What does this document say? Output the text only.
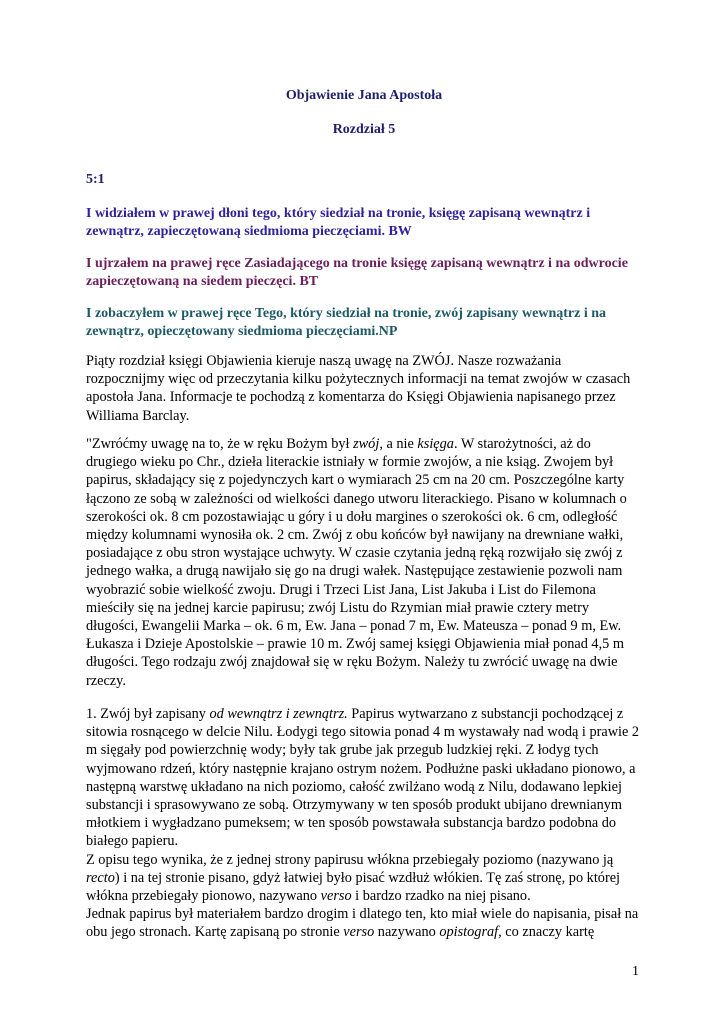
Objawienie Jana Apostoła
Rozdział 5
5:1
I widziałem w prawej dłoni tego, który siedział na tronie, księgę zapisaną wewnątrz i zewnątrz, zapieczętowaną siedmioma pieczęciami. BW
I ujrzałem na prawej ręce Zasiadającego na tronie księgę zapisaną wewnątrz i na odwrocie zapieczętowaną na siedem pieczęci. BT
I zobaczyłem w prawej ręce Tego, który siedział na tronie, zwój zapisany wewnątrz i na zewnątrz, opieczętowany siedmioma pieczęciami.NP

Piąty rozdział księgi Objawienia kieruje naszą uwagę na ZWÓJ. Nasze rozważania rozpocznijmy więc od przeczytania kilku pożytecznych informacji na temat zwojów w czasach apostoła Jana. Informacje te pochodzą z komentarza do Księgi Objawienia napisanego przez Williama Barclay.

"Zwróćmy uwagę na to, że w ręku Bożym był zwój, a nie księga. W starożytności, aż do drugiego wieku po Chr., dzieła literackie istniały w formie zwojów, a nie ksiąg. Zwojem był papirus, składający się z pojedynczych kart o wymiarach 25 cm na 20 cm. Poszczególne karty łączono ze sobą w zależności od wielkości danego utworu literackiego. Pisano w kolumnach o szerokości ok. 8 cm pozostawiając u góry i u dołu margines o szerokości ok. 6 cm, odległość między kolumnami wynosiła ok. 2 cm. Zwój z obu końców był nawijany na drewniane wałki, posiadające z obu stron wystające uchwyty. W czasie czytania jedną ręką rozwijało się zwój z jednego wałka, a drugą nawijało się go na drugi wałek. Następujące zestawienie pozwoli nam wyobrazić sobie wielkość zwoju. Drugi i Trzeci List Jana, List Jakuba i List do Filemona mieściły się na jednej karcie papirusu; zwój Listu do Rzymian miał prawie cztery metry długości, Ewangelii Marka – ok. 6 m, Ew. Jana – ponad 7 m, Ew. Mateusza – ponad 9 m, Ew. Łukasza i Dzieje Apostolskie – prawie 10 m. Zwój samej księgi Objawienia miał ponad 4,5 m długości. Tego rodzaju zwój znajdował się w ręku Bożym. Należy tu zwrócić uwagę na dwie rzeczy.

1. Zwój był zapisany od wewnątrz i zewnątrz. Papirus wytwarzano z substancji pochodzącej z sitowia rosnącego w delcie Nilu. Łodygi tego sitowia ponad 4 m wystawały nad wodą i prawie 2 m sięgały pod powierzchnię wody; były tak grube jak przegub ludzkiej ręki. Z łodyg tych wyjmowano rdzeń, który następnie krajano ostrym nożem. Podłużne paski układano pionowo, a następną warstwę układano na nich poziomo, całość zwilżano wodą z Nilu, dodawano lepkiej substancji i sprasowywano ze sobą. Otrzymywany w ten sposób produkt ubijano drewnianym młotkiem i wygładzano pumeksem; w ten sposób powstawała substancja bardzo podobna do białego papieru.

Z opisu tego wynika, że z jednej strony papirusu włókna przebiegały poziomo (nazywano ją recto) i na tej stronie pisano, gdyż łatwiej było pisać wzdłuż włókien. Tę zaś stronę, po której włókna przebiegały pionowo, nazywano verso i bardzo rzadko na niej pisano.

Jednak papirus był materiałem bardzo drogim i dlatego ten, kto miał wiele do napisania, pisał na obu jego stronach. Kartę zapisaną po stronie verso nazywano opistograf, co znaczy kartę

1
